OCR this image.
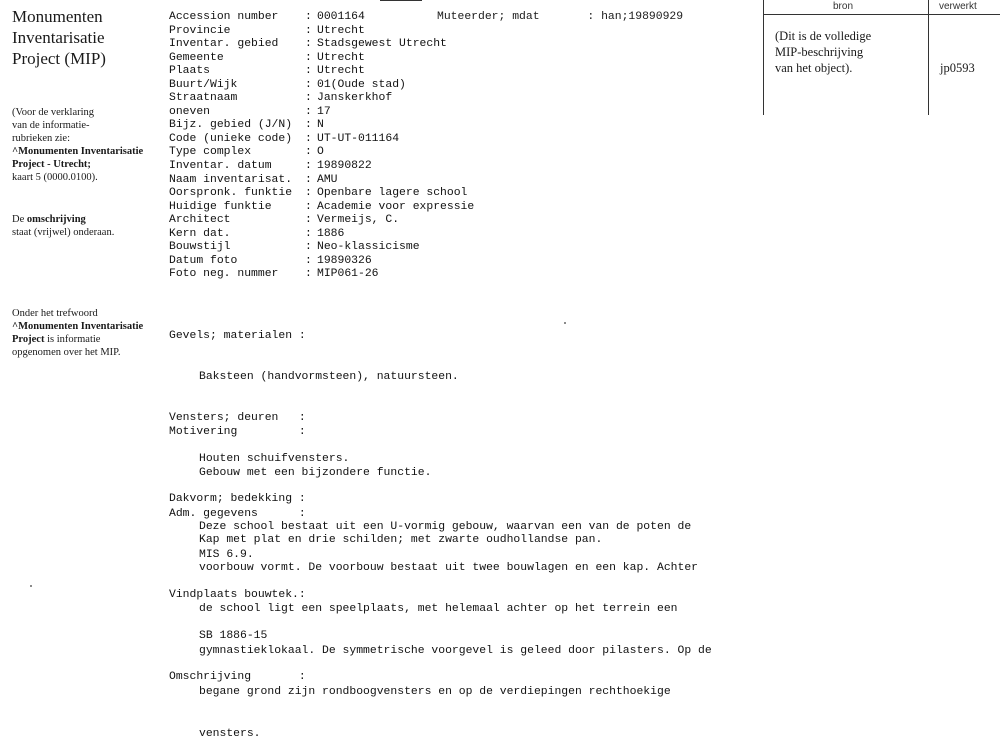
Monumenten
Inventarisatie
Project (MIP)
(Voor de verklaring
van de informatie-
rubrieken zie:
^Monumenten Inventarisatie
Project - Utrecht;
kaart 5 (0000.0100).
De omschrijving
staat (vrijwel) onderaan.
Onder het trefwoord
^Monumenten Inventarisatie
Project is informatie
opgenomen over het MIP.
Accession number	:
0001164
Provincie	:
Utrecht
Inventar. gebied	:
Stadsgewest Utrecht
Gemeente	:
Utrecht
Plaats	:
Utrecht
Buurt/Wijk	:
01(Oude stad)
Straatnaam	:
Janskerkhof
oneven	:
17
Bijz. gebied (J/N)	:
N
Code (unieke code)	:
UT-UT-011164
Type complex	:
O
Inventar. datum	:
19890822
Naam inventarisat.	:
AMU
Oorspronk. funktie	:
Openbare lagere school
Huidige funktie	:
Academie voor expressie
Architect	:
Vermeijs, C.
Kern dat.	:
1886
Bouwstijl	:
Neo-klassicisme
Datum foto	:
19890326
Foto neg. nummer	:
MIP061-26
Muteerder; mdat       : han;19890929

Gevels; materialen :

Baksteen (handvormsteen), natuursteen.

Vensters; deuren   :

Houten schuifvensters.

Dakvorm; bedekking :

Kap met plat en drie schilden; met zwarte oudhollandse pan.

Motivering         :

Gebouw met een bijzondere functie.

Adm. gegevens      :

MIS 6.9.

Vindplaats bouwtek.:

SB 1886-15

Omschrijving       :

Deze school bestaat uit een U-vormig gebouw, waarvan een van de poten de

voorbouw vormt. De voorbouw bestaat uit twee bouwlagen en een kap. Achter

de school ligt een speelplaats, met helemaal achter op het terrein een

gymnastieklokaal. De symmetrische voorgevel is geleed door pilasters. Op de

begane grond zijn rondboogvensters en op de verdiepingen rechthoekige

vensters.

bron	verwerkt
(Dit is de volledige
MIP-beschrijving
van het object).	jp0593
